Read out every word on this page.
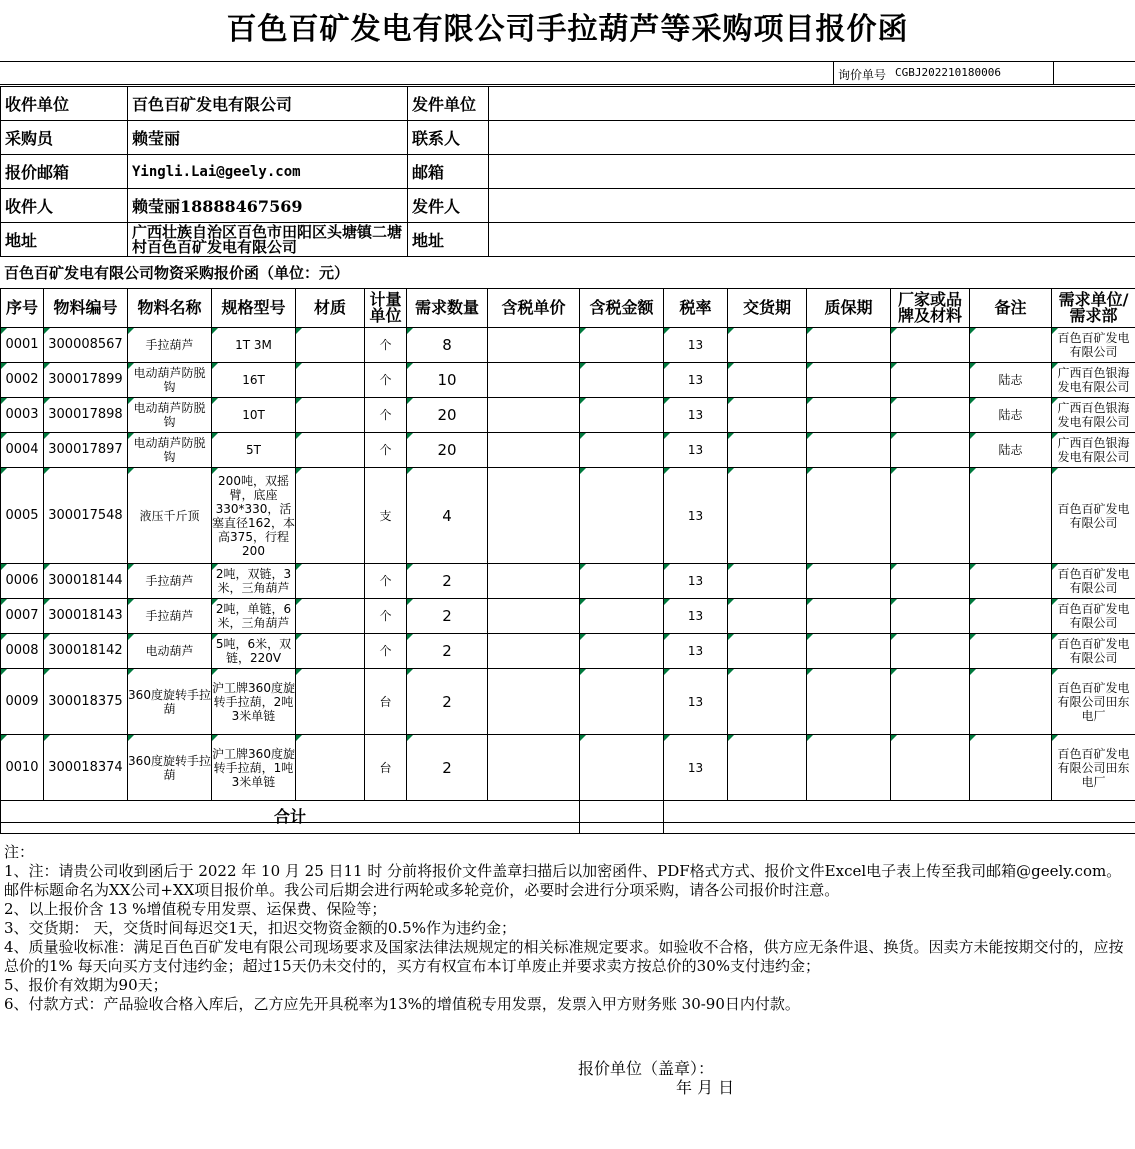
百色百矿发电有限公司手拉葫芦等采购项目报价函
询价单号 CGBJ202210180006
收件单位	百色百矿发电有限公司	发件单位	
采购员	赖莹丽	联系人	
报价邮箱	Yingli.Lai@geely.com	邮箱	
收件人	赖莹丽18888467569	发件人	
地址	广西壮族自治区百色市田阳区头塘镇二塘村百色百矿发电有限公司	地址	
百色百矿发电有限公司物资采购报价函（单位：元）
序号	物料编号	物料名称	规格型号	材质	计量单位	需求数量	含税单价	含税金额	税率	交货期	质保期	厂家或品牌及材料	备注	需求单位/需求部

0001	300008567	手拉葫芦	1T 3M		个	8			13					百色百矿发电有限公司

0002	300017899	电动葫芦防脱钩	16T		个	10			13				陆志	广西百色银海发电有限公司

0003	300017898	电动葫芦防脱钩	10T		个	20			13				陆志	广西百色银海发电有限公司

0004	300017897	电动葫芦防脱钩	5T		个	20			13				陆志	广西百色银海发电有限公司

0005	300017548	液压千斤顶	200吨，双摇臂，底座330*330，活塞直径162，本高375，行程200		支	4			13					百色百矿发电有限公司

0006	300018144	手拉葫芦	2吨，双链，3米，三角葫芦		个	2			13					百色百矿发电有限公司

0007	300018143	手拉葫芦	2吨，单链，6米，三角葫芦		个	2			13					百色百矿发电有限公司

0008	300018142	电动葫芦	5吨，6米，双链，220V		个	2			13					百色百矿发电有限公司

0009	300018375	360度旋转手拉葫	沪工牌360度旋转手拉葫，2吨3米单链		台	2			13					百色百矿发电有限公司田东电厂

0010	300018374	360度旋转手拉葫	沪工牌360度旋转手拉葫，1吨3米单链		台	2			13					百色百矿发电有限公司田东电厂
合计														

注：

1、注：请贵公司收到函后于 2022 年 10 月 25 日11 时 分前将报价文件盖章扫描后以加密函件、PDF格式方式、报价文件Excel电子表上传至我司邮箱@geely.com。邮件标题命名为XX公司+XX项目报价单。我公司后期会进行两轮或多轮竞价，必要时会进行分项采购，请各公司报价时注意。

2、以上报价含 13 %增值税专用发票、运保费、保险等；

3、交货期： 天，交货时间每迟交1天，扣迟交物资金额的0.5%作为违约金；

4、质量验收标准：满足百色百矿发电有限公司现场要求及国家法律法规规定的相关标准规定要求。如验收不合格，供方应无条件退、换货。因卖方未能按期交付的，应按总价的1% 每天向买方支付违约金；超过15天仍未交付的，买方有权宣布本订单废止并要求卖方按总价的30%支付违约金；

5、报价有效期为90天；

6、付款方式：产品验收合格入库后，乙方应先开具税率为13%的增值税专用发票，发票入甲方财务账 30-90日内付款。

报价单位（盖章）：
年 月 日
